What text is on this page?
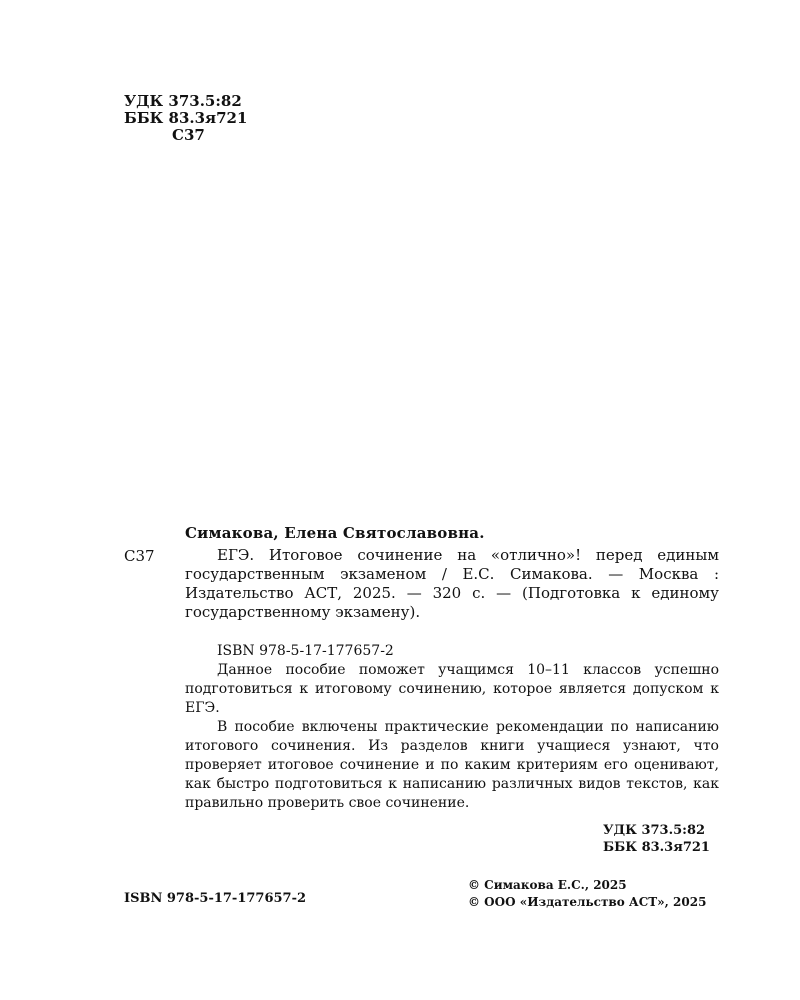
УДК 373.5:82
ББК 83.3я721

С37
Симакова, Елена Святославовна.
С37	ЕГЭ. Итоговое сочинение на «отлично»! перед единым государственным экзаменом / Е.С. Симакова. — Москва : Издательство АСТ, 2025. — 320 с. — (Подготовка к единому государственному экзамену).
ISBN 978-5-17-177657-2

Данное пособие поможет учащимся 10–11 классов успешно подготовиться к итоговому сочинению, которое является допуском к ЕГЭ.

В пособие включены практические рекомендации по написанию итогового сочинения. Из разделов книги учащиеся узнают, что проверяет итоговое сочинение и по каким критериям его оценивают, как быстро подготовиться к написанию различных видов текстов, как правильно проверить свое сочинение.

УДК 373.5:82
ББК 83.3я721
ISBN 978-5-17-177657-2
© Симакова Е.С., 2025
© ООО «Издательство АСТ», 2025
